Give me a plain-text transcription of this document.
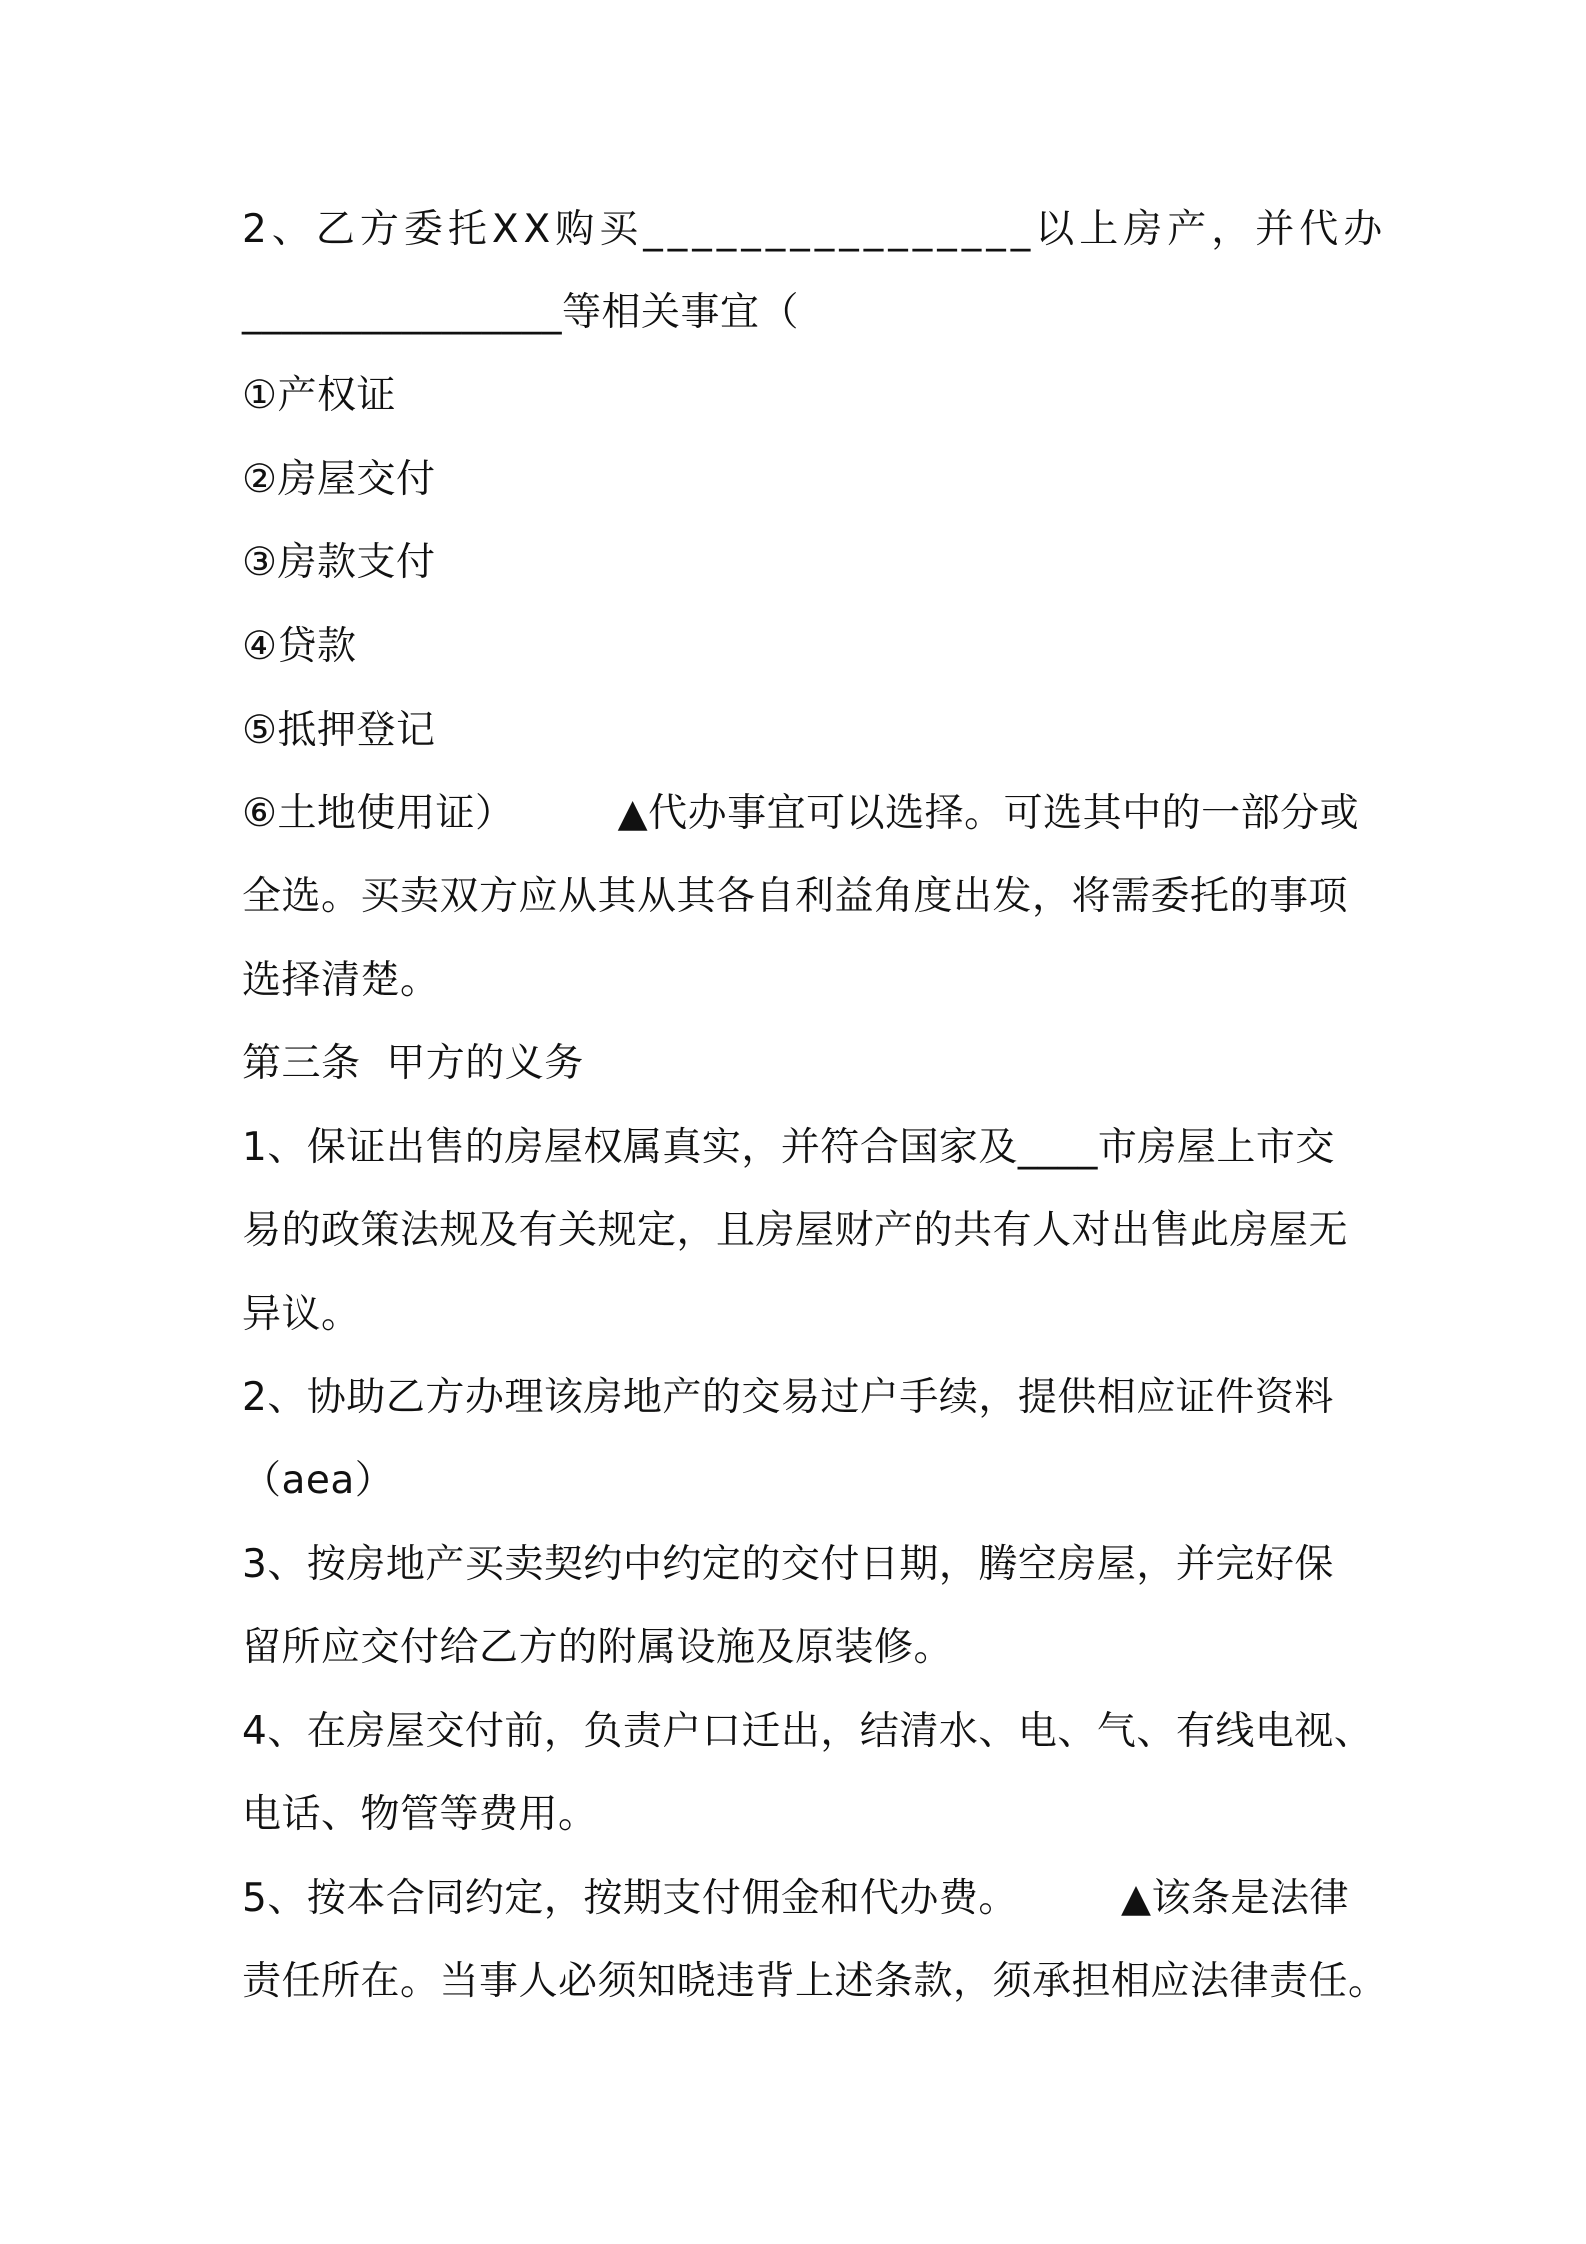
2、乙方委托XX购买________________以上房产，并代办
________________等相关事宜（
①产权证
②房屋交付
③房款支付
④贷款
⑤抵押登记
⑥土地使用证）        ▲代办事宜可以选择。可选其中的一部分或
全选。买卖双方应从其从其各自利益角度出发，将需委托的事项
选择清楚。
第三条  甲方的义务
1、保证出售的房屋权属真实，并符合国家及____市房屋上市交
易的政策法规及有关规定，且房屋财产的共有人对出售此房屋无
异议。
2、协助乙方办理该房地产的交易过户手续，提供相应证件资料
（aea）
3、按房地产买卖契约中约定的交付日期，腾空房屋，并完好保
留所应交付给乙方的附属设施及原装修。
4、在房屋交付前，负责户口迁出，结清水、电、气、有线电视、
电话、物管等费用。
5、按本合同约定，按期支付佣金和代办费。        ▲该条是法律
责任所在。当事人必须知晓违背上述条款，须承担相应法律责任。
